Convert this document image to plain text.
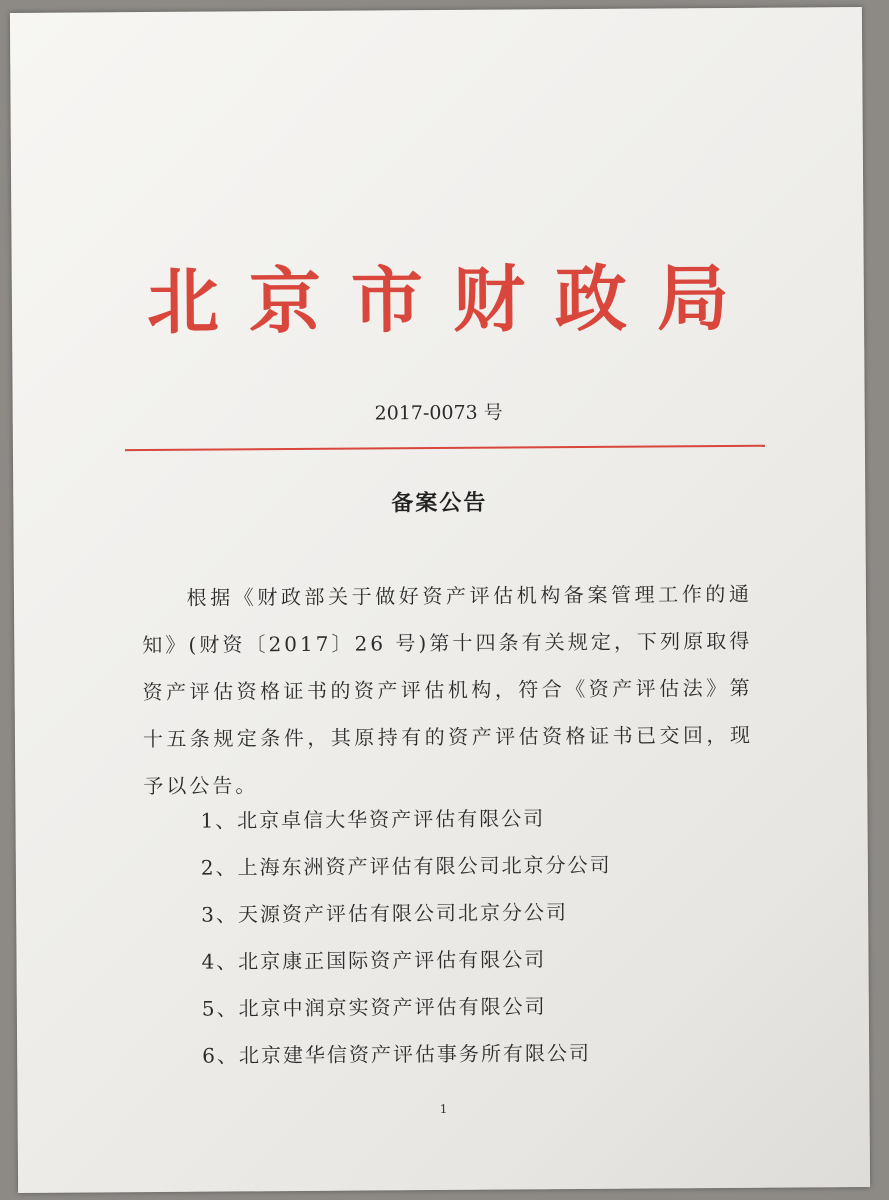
北京市财政局
2017-0073 号
备案公告
根据《财政部关于做好资产评估机构备案管理工作的通知》(财资〔2017〕26 号)第十四条有关规定，下列原取得资产评估资格证书的资产评估机构，符合《资产评估法》第十五条规定条件，其原持有的资产评估资格证书已交回，现予以公告。
1、北京卓信大华资产评估有限公司
2、上海东洲资产评估有限公司北京分公司
3、天源资产评估有限公司北京分公司
4、北京康正国际资产评估有限公司
5、北京中润京实资产评估有限公司
6、北京建华信资产评估事务所有限公司
1
